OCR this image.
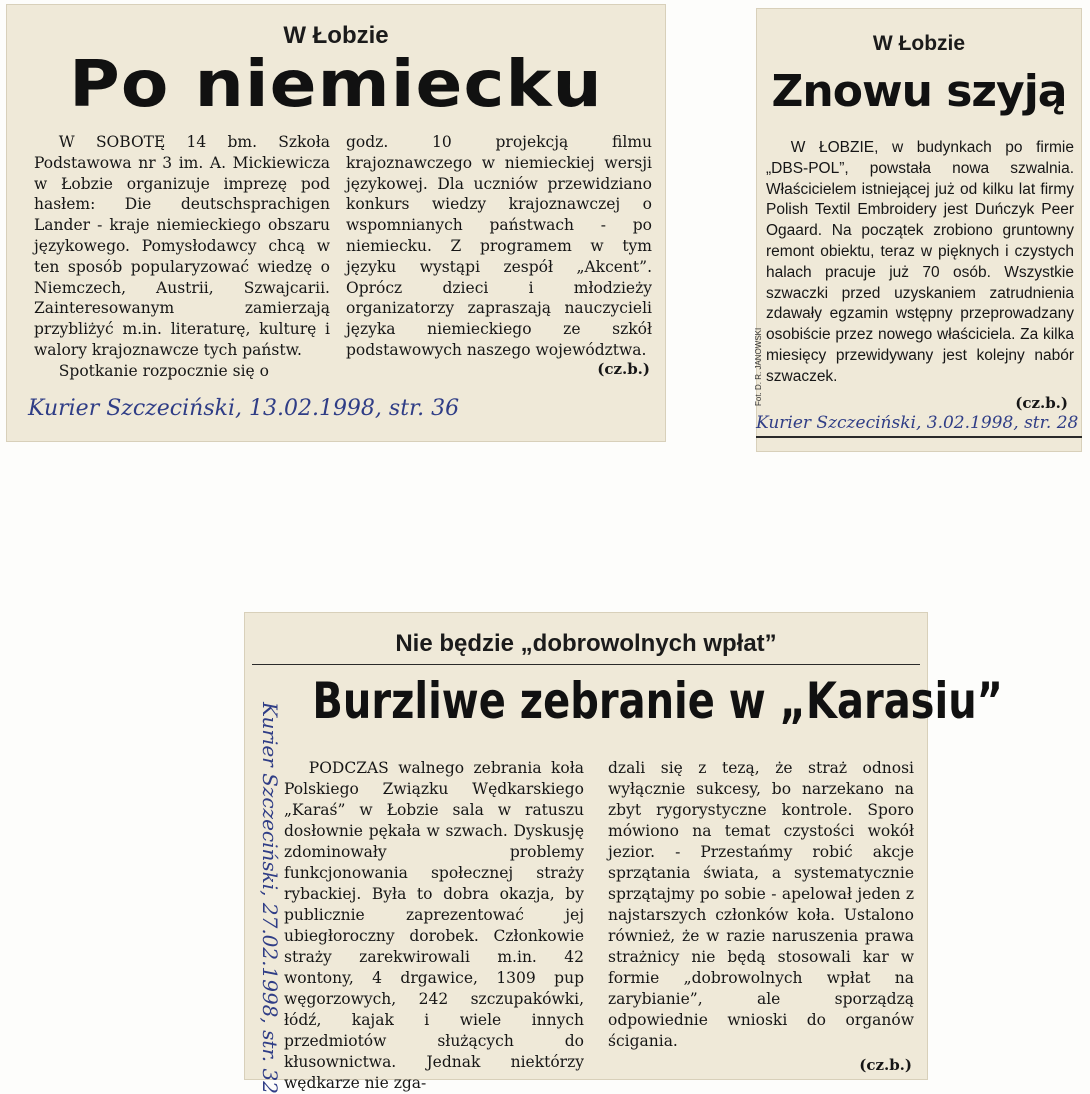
W Łobzie
Po niemiecku

W SOBOTĘ 14 bm. Szkoła Podstawowa nr 3 im. A. Mickiewicza w Łobzie organizuje imprezę pod hasłem: Die deutschsprachigen Lander - kraje niemieckiego obszaru językowego. Pomysłodawcy chcą w ten sposób popularyzować wiedzę o Niemczech, Austrii, Szwajcarii. Zainteresowanym zamierzają przybliżyć m.in. literaturę, kulturę i walory krajoznawcze tych państw.

Spotkanie rozpocznie się o

godz. 10 projekcją filmu krajoznawczego w niemieckiej wersji językowej. Dla uczniów przewidziano konkurs wiedzy krajoznawczej o wspomnianych państwach - po niemiecku. Z programem w tym języku wystąpi zespół „Akcent”. Oprócz dzieci i młodzieży organizatorzy zapraszają nauczycieli języka niemieckiego ze szkół podstawowych naszego województwa.

(cz.b.)
Kurier Szczeciński, 13.02.1998, str. 36
W Łobzie
Znowu szyją
Fot. D. R. JANOWSKI

W ŁOBZIE, w budynkach po firmie „DBS-POL”, powstała nowa szwalnia. Właścicielem istniejącej już od kilku lat firmy Polish Textil Embroidery jest Duńczyk Peer Ogaard. Na początek zrobiono gruntowny remont obiektu, teraz w pięknych i czystych halach pracuje już 70 osób. Wszystkie szwaczki przed uzyskaniem zatrudnienia zdawały egzamin wstępny przeprowadzany osobiście przez nowego właściciela. Za kilka miesięcy przewidywany jest kolejny nabór szwaczek.

(cz.b.)
Kurier Szczeciński, 3.02.1998, str. 28
Nie będzie „dobrowolnych wpłat”
Burzliwe zebranie w „Karasiu”
Kurier Szczeciński, 27.02.1998, str. 32	PODCZAS walnego zebrania koła Polskiego Związku Wędkarskiego „Karaś” w Łobzie sala w ratuszu dosłownie pękała w szwach. Dyskusję zdominowały problemy funkcjonowania społecznej straży rybackiej. Była to dobra okazja, by publicznie zaprezentować jej ubiegłoroczny dorobek. Członkowie straży zarekwirowali m.in. 42 wontony, 4 drgawice, 1309 pup węgorzowych, 242 szczupakówki, łódź, kajak i wiele innych przedmiotów służących do kłusownictwa. Jednak niektórzy wędkarze nie zga-

dzali się z tezą, że straż odnosi wyłącznie sukcesy, bo narzekano na zbyt rygorystyczne kontrole. Sporo mówiono na temat czystości wokół jezior. - Przestańmy robić akcje sprzątania świata, a systematycznie sprzątajmy po sobie - apelował jeden z najstarszych członków koła. Ustalono również, że w razie naruszenia prawa strażnicy nie będą stosowali kar w formie „dobrowolnych wpłat na zarybianie”, ale sporządzą odpowiednie wnioski do organów ścigania.

(cz.b.)
